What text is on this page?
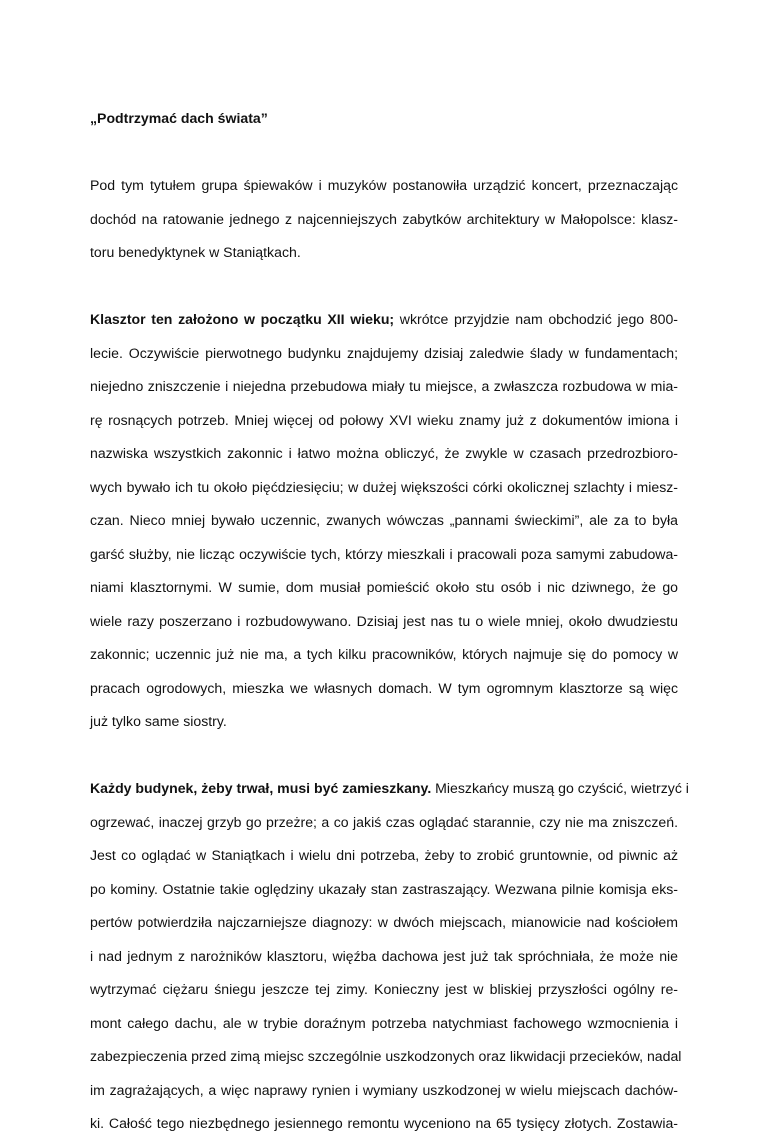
„Podtrzymać dach świata”

Pod tym tytułem grupa śpiewaków i muzyków postanowiła urządzić koncert, przeznaczając
dochód na ratowanie jednego z najcenniejszych zabytków architektury w Małopolsce: klasz-
toru benedyktynek w Staniątkach.
Klasztor ten założono w początku XII wieku; wkrótce przyjdzie nam obchodzić jego 800-
lecie. Oczywiście pierwotnego budynku znajdujemy dzisiaj zaledwie ślady w fundamentach;
niejedno zniszczenie i niejedna przebudowa miały tu miejsce, a zwłaszcza rozbudowa w mia-
rę rosnących potrzeb. Mniej więcej od połowy XVI wieku znamy już z dokumentów imiona i
nazwiska wszystkich zakonnic i łatwo można obliczyć, że zwykle w czasach przedrozbioro-
wych bywało ich tu około pięćdziesięciu; w dużej większości córki okolicznej szlachty i miesz-
czan. Nieco mniej bywało uczennic, zwanych wówczas „pannami świeckimi”, ale za to była
garść służby, nie licząc oczywiście tych, którzy mieszkali i pracowali poza samymi zabudowa-
niami klasztornymi. W sumie, dom musiał pomieścić około stu osób i nic dziwnego, że go
wiele razy poszerzano i rozbudowywano. Dzisiaj jest nas tu o wiele mniej, około dwudziestu
zakonnic; uczennic już nie ma, a tych kilku pracowników, których najmuje się do pomocy w
pracach ogrodowych, mieszka we własnych domach. W tym ogromnym klasztorze są więc
już tylko same siostry.
Każdy budynek, żeby trwał, musi być zamieszkany. Mieszkańcy muszą go czyścić, wietrzyć i
ogrzewać, inaczej grzyb go przeżre; a co jakiś czas oglądać starannie, czy nie ma zniszczeń.
Jest co oglądać w Staniątkach i wielu dni potrzeba, żeby to zrobić gruntownie, od piwnic aż
po kominy. Ostatnie takie oględziny ukazały stan zastraszający. Wezwana pilnie komisja eks-
pertów potwierdziła najczarniejsze diagnozy: w dwóch miejscach, mianowicie nad kościołem
i nad jednym z narożników klasztoru, więźba dachowa jest już tak spróchniała, że może nie
wytrzymać ciężaru śniegu jeszcze tej zimy. Konieczny jest w bliskiej przyszłości ogólny re-
mont całego dachu, ale w trybie doraźnym potrzeba natychmiast fachowego wzmocnienia i
zabezpieczenia przed zimą miejsc szczególnie uszkodzonych oraz likwidacji przecieków, nadal
im zagrażających, a więc naprawy rynien i wymiany uszkodzonej w wielu miejscach dachów-
ki. Całość tego niezbędnego jesiennego remontu wyceniono na 65 tysięcy złotych. Zostawia-
